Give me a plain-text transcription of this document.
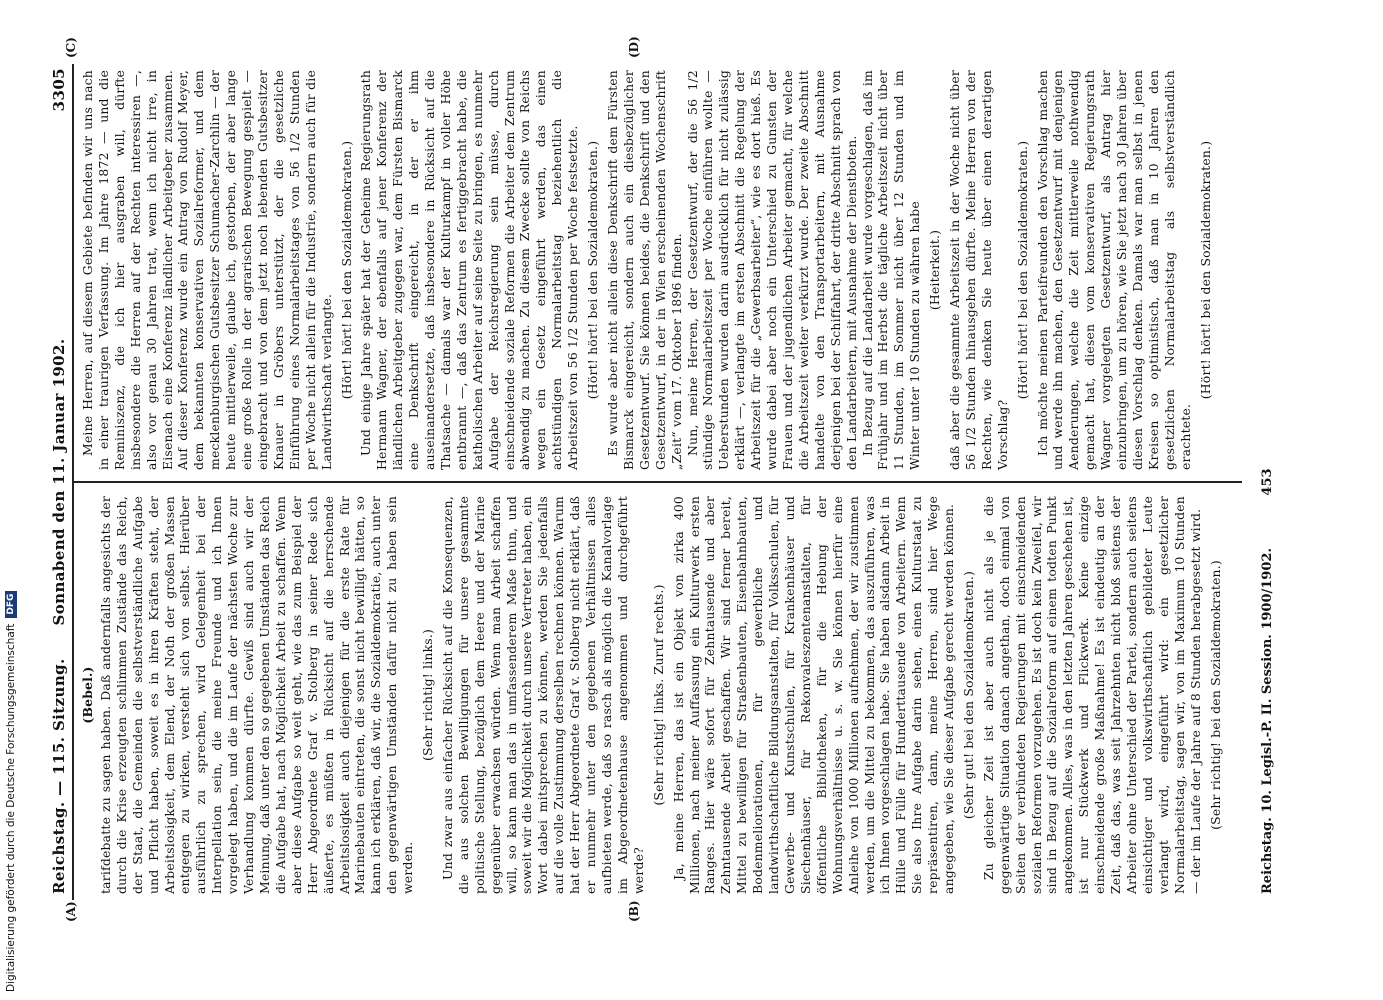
Digitalisierung gefördert durch die Deutsche ForschungsgemeinschaftDFG
Reichstag. — 115. Sitzung.
Sonnabend den 11. Januar 1902.
3305
(A)	(B)
(C)	(D)
(Bebel.) tarifdebatte zu sagen haben. Daß andernfalls angesichts der durch die Krise erzeugten schlimmen Zustände das Reich, der Staat, die Gemeinden die selbstverständliche Aufgabe und Pflicht haben, soweit es in ihren Kräften steht, der Arbeitslosigkeit, dem Elend, der Noth der großen Massen entgegen zu wirken, versteht sich von selbst. Hierüber ausführlich zu sprechen, wird Gelegenheit bei der Interpellation sein, die meine Freunde und ich Ihnen vorgelegt haben, und die im Laufe der nächsten Woche zur Verhandlung kommen dürfte. Gewiß sind auch wir der Meinung, daß unter den so gegebenen Umständen das Reich die Aufgabe hat, nach Möglichkeit Arbeit zu schaffen. Wenn aber diese Aufgabe so weit geht, wie das zum Beispiel der Herr Abgeordnete Graf v. Stolberg in seiner Rede sich äußerte, es müßten in Rücksicht auf die herrschende Arbeitslosigkeit auch diejenigen für die erste Rate für Marinebauten eintreten, die sonst nicht bewilligt hätten, so kann ich erklären, daß wir, die Sozialdemokratie, auch unter den gegenwärtigen Umständen dafür nicht zu haben sein werden.

(Sehr richtig! links.) Und zwar aus einfacher Rücksicht auf die Konsequenzen, die aus solchen Bewilligungen für unsere gesammte politische Stellung, bezüglich dem Heere und der Marine gegenüber erwachsen würden. Wenn man Arbeit schaffen will, so kann man das in umfassenderem Maße thun, und soweit wir die Möglichkeit durch unsere Vertreter haben, ein Wort dabei mitsprechen zu können, werden Sie jedenfalls auf die volle Zustimmung derselben rechnen können. Warum hat der Herr Abgeordnete Graf v. Stolberg nicht erklärt, daß er nunmehr unter den gegebenen Verhältnissen alles aufbieten werde, daß so rasch als möglich die Kanalvorlage im Abgeordnetenhause angenommen und durchgeführt werde?

(Sehr richtig! links. Zuruf rechts.) Ja, meine Herren, das ist ein Objekt von zirka 400 Millionen, nach meiner Auffassung ein Kulturwerk ersten Ranges. Hier wäre sofort für Zehntausende und aber Zehntausende Arbeit geschaffen. Wir sind ferner bereit, Mittel zu bewilligen für Straßenbauten, Eisenbahnbauten, Bodenmeliorationen, für gewerbliche und landwirthschaftliche Bildungsanstalten, für Volksschulen, für Gewerbe- und Kunstschulen, für Krankenhäuser und Siechenhäuser, für Rekonvaleszentenanstalten, für öffentliche Bibliotheken, für die Hebung der Wohnungsverhältnisse u. s. w. Sie können hierfür eine Anleihe von 1000 Millionen aufnehmen, der wir zustimmen werden, um die Mittel zu bekommen, das auszuführen, was ich Ihnen vorgeschlagen habe. Sie haben alsdann Arbeit in Hülle und Fülle für Hunderttausende von Arbeitern. Wenn Sie also Ihre Aufgabe darin sehen, einen Kulturstaat zu repräsentiren, dann, meine Herren, sind hier Wege angegeben, wie Sie dieser Aufgabe gerecht werden können. (Sehr gut! bei den Sozialdemokraten.) Zu gleicher Zeit ist aber auch nicht als je die gegenwärtige Situation danach angethan, doch einmal von Seiten der verbündeten Regierungen mit einschneidenden sozialen Reformen vorzugehen. Es ist doch kein Zweifel, wir sind in Bezug auf die Sozialreform auf einem todten Punkt angekommen. Alles, was in den letzten Jahren geschehen ist, ist nur Stückwerk und Flickwerk. Keine einzige einschneidende große Maßnahme! Es ist eindeutig an der Zeit, daß das, was seit Jahrzehnten nicht bloß seitens der Arbeiter ohne Unterschied der Partei, sondern auch seitens einsichtiger und volkswirthschaftlich gebildeter Leute verlangt wird, eingeführt wird: ein gesetzlicher Normalarbeitstag, sagen wir, von im Maximum 10 Stunden — der im Laufe der Jahre auf 8 Stunden herabgesetzt wird. (Sehr richtig! bei den Sozialdemokraten.)

Meine Herren, auf diesem Gebiete befinden wir uns nach in einer traurigen Verfassung. Im Jahre 1872 — und die Reminiszenz, die ich hier ausgraben will, dürfte insbesondere die Herren auf der Rechten interessiren —, also vor genau 30 Jahren trat, wenn ich nicht irre, in Eisenach eine Konferenz ländlicher Arbeitgeber zusammen. Auf dieser Konferenz wurde ein Antrag von Rudolf Meyer, dem bekannten konservativen Sozialreformer, und dem mecklenburgischen Gutsbesitzer Schumacher-Zarchlin — der heute mittlerweile, glaube ich, gestorben, der aber lange eine große Rolle in der agrarischen Bewegung gespielt — eingebracht und von dem jetzt noch lebenden Gutsbesitzer Knauer in Gröbers unterstützt, der die gesetzliche Einführung eines Normalarbeitstages von 56 1/2 Stunden per Woche nicht allein für die Industrie, sondern auch für die Landwirthschaft verlangte. (Hört! hört! bei den Sozialdemokraten.) Und einige Jahre später hat der Geheime Regierungsrath Hermann Wagner, der ebenfalls auf jener Konferenz der ländlichen Arbeitgeber zugegen war, dem Fürsten Bismarck eine Denkschrift eingereicht, in der er ihm auseinandersetzte, daß insbesondere in Rücksicht auf die Thatsache — damals war der Kulturkampf in voller Höhe entbrannt —, daß das Zentrum es fertiggebracht habe, die katholischen Arbeiter auf seine Seite zu bringen, es nunmehr Aufgabe der Reichsregierung sein müsse, durch einschneidende soziale Reformen die Arbeiter dem Zentrum abwendig zu machen. Zu diesem Zwecke sollte von Reichs wegen ein Gesetz eingeführt werden, das einen achtstündigen Normalarbeitstag beziehentlich die Arbeitszeit von 56 1/2 Stunden per Woche festsetzte. (Hört! hört! bei den Sozialdemokraten.) Es wurde aber nicht allein diese Denkschrift dem Fürsten Bismarck eingereicht, sondern auch ein diesbezüglicher Gesetzentwurf. Sie können beides, die Denkschrift und den Gesetzentwurf, in der in Wien erscheinenden Wochenschrift „Zeit“ vom 17. Oktober 1896 finden. Nun, meine Herren, der Gesetzentwurf, der die 56 1/2 stündige Normalarbeitszeit per Woche einführen wollte — Ueberstunden wurden darin ausdrücklich für nicht zulässig erklärt —, verlangte im ersten Abschnitt die Regelung der Arbeitszeit für die „Gewerbsarbeiter“, wie es dort hieß. Es wurde dabei aber noch ein Unterschied zu Gunsten der Frauen und der jugendlichen Arbeiter gemacht, für welche die Arbeitszeit weiter verkürzt wurde. Der zweite Abschnitt handelte von den Transportarbeitern, mit Ausnahme derjenigen bei der Schiffahrt, der dritte Abschnitt sprach von den Landarbeitern, mit Ausnahme der Dienstboten. In Bezug auf die Landarbeit wurde vorgeschlagen, daß im Frühjahr und im Herbst die tägliche Arbeitszeit nicht über 11 Stunden, im Sommer nicht über 12 Stunden und im Winter unter 10 Stunden zu währen habe (Heiterkeit.) daß aber die gesammte Arbeitszeit in der Woche nicht über 56 1/2 Stunden hinausgehen dürfte. Meine Herren von der Rechten, wie denken Sie heute über einen derartigen Vorschlag?

(Hört! hört! bei den Sozialdemokraten.) Ich möchte meinen Parteifreunden den Vorschlag machen und werde ihn machen, den Gesetzentwurf mit denjenigen Aenderungen, welche die Zeit mittlerweile nothwendig gemacht hat, diesen vom konservativen Regierungsrath Wagner vorgelegten Gesetzentwurf, als Antrag hier einzubringen, um zu hören, wie Sie jetzt nach 30 Jahren über diesen Vorschlag denken. Damals war man selbst in jenen Kreisen so optimistisch, daß man in 10 Jahren den gesetzlichen Normalarbeitstag als selbstverständlich erachtete.

(Hört! hört! bei den Sozialdemokraten.)
Reichstag. 10. Legisl.-P. II. Session. 1900/1902.
453
